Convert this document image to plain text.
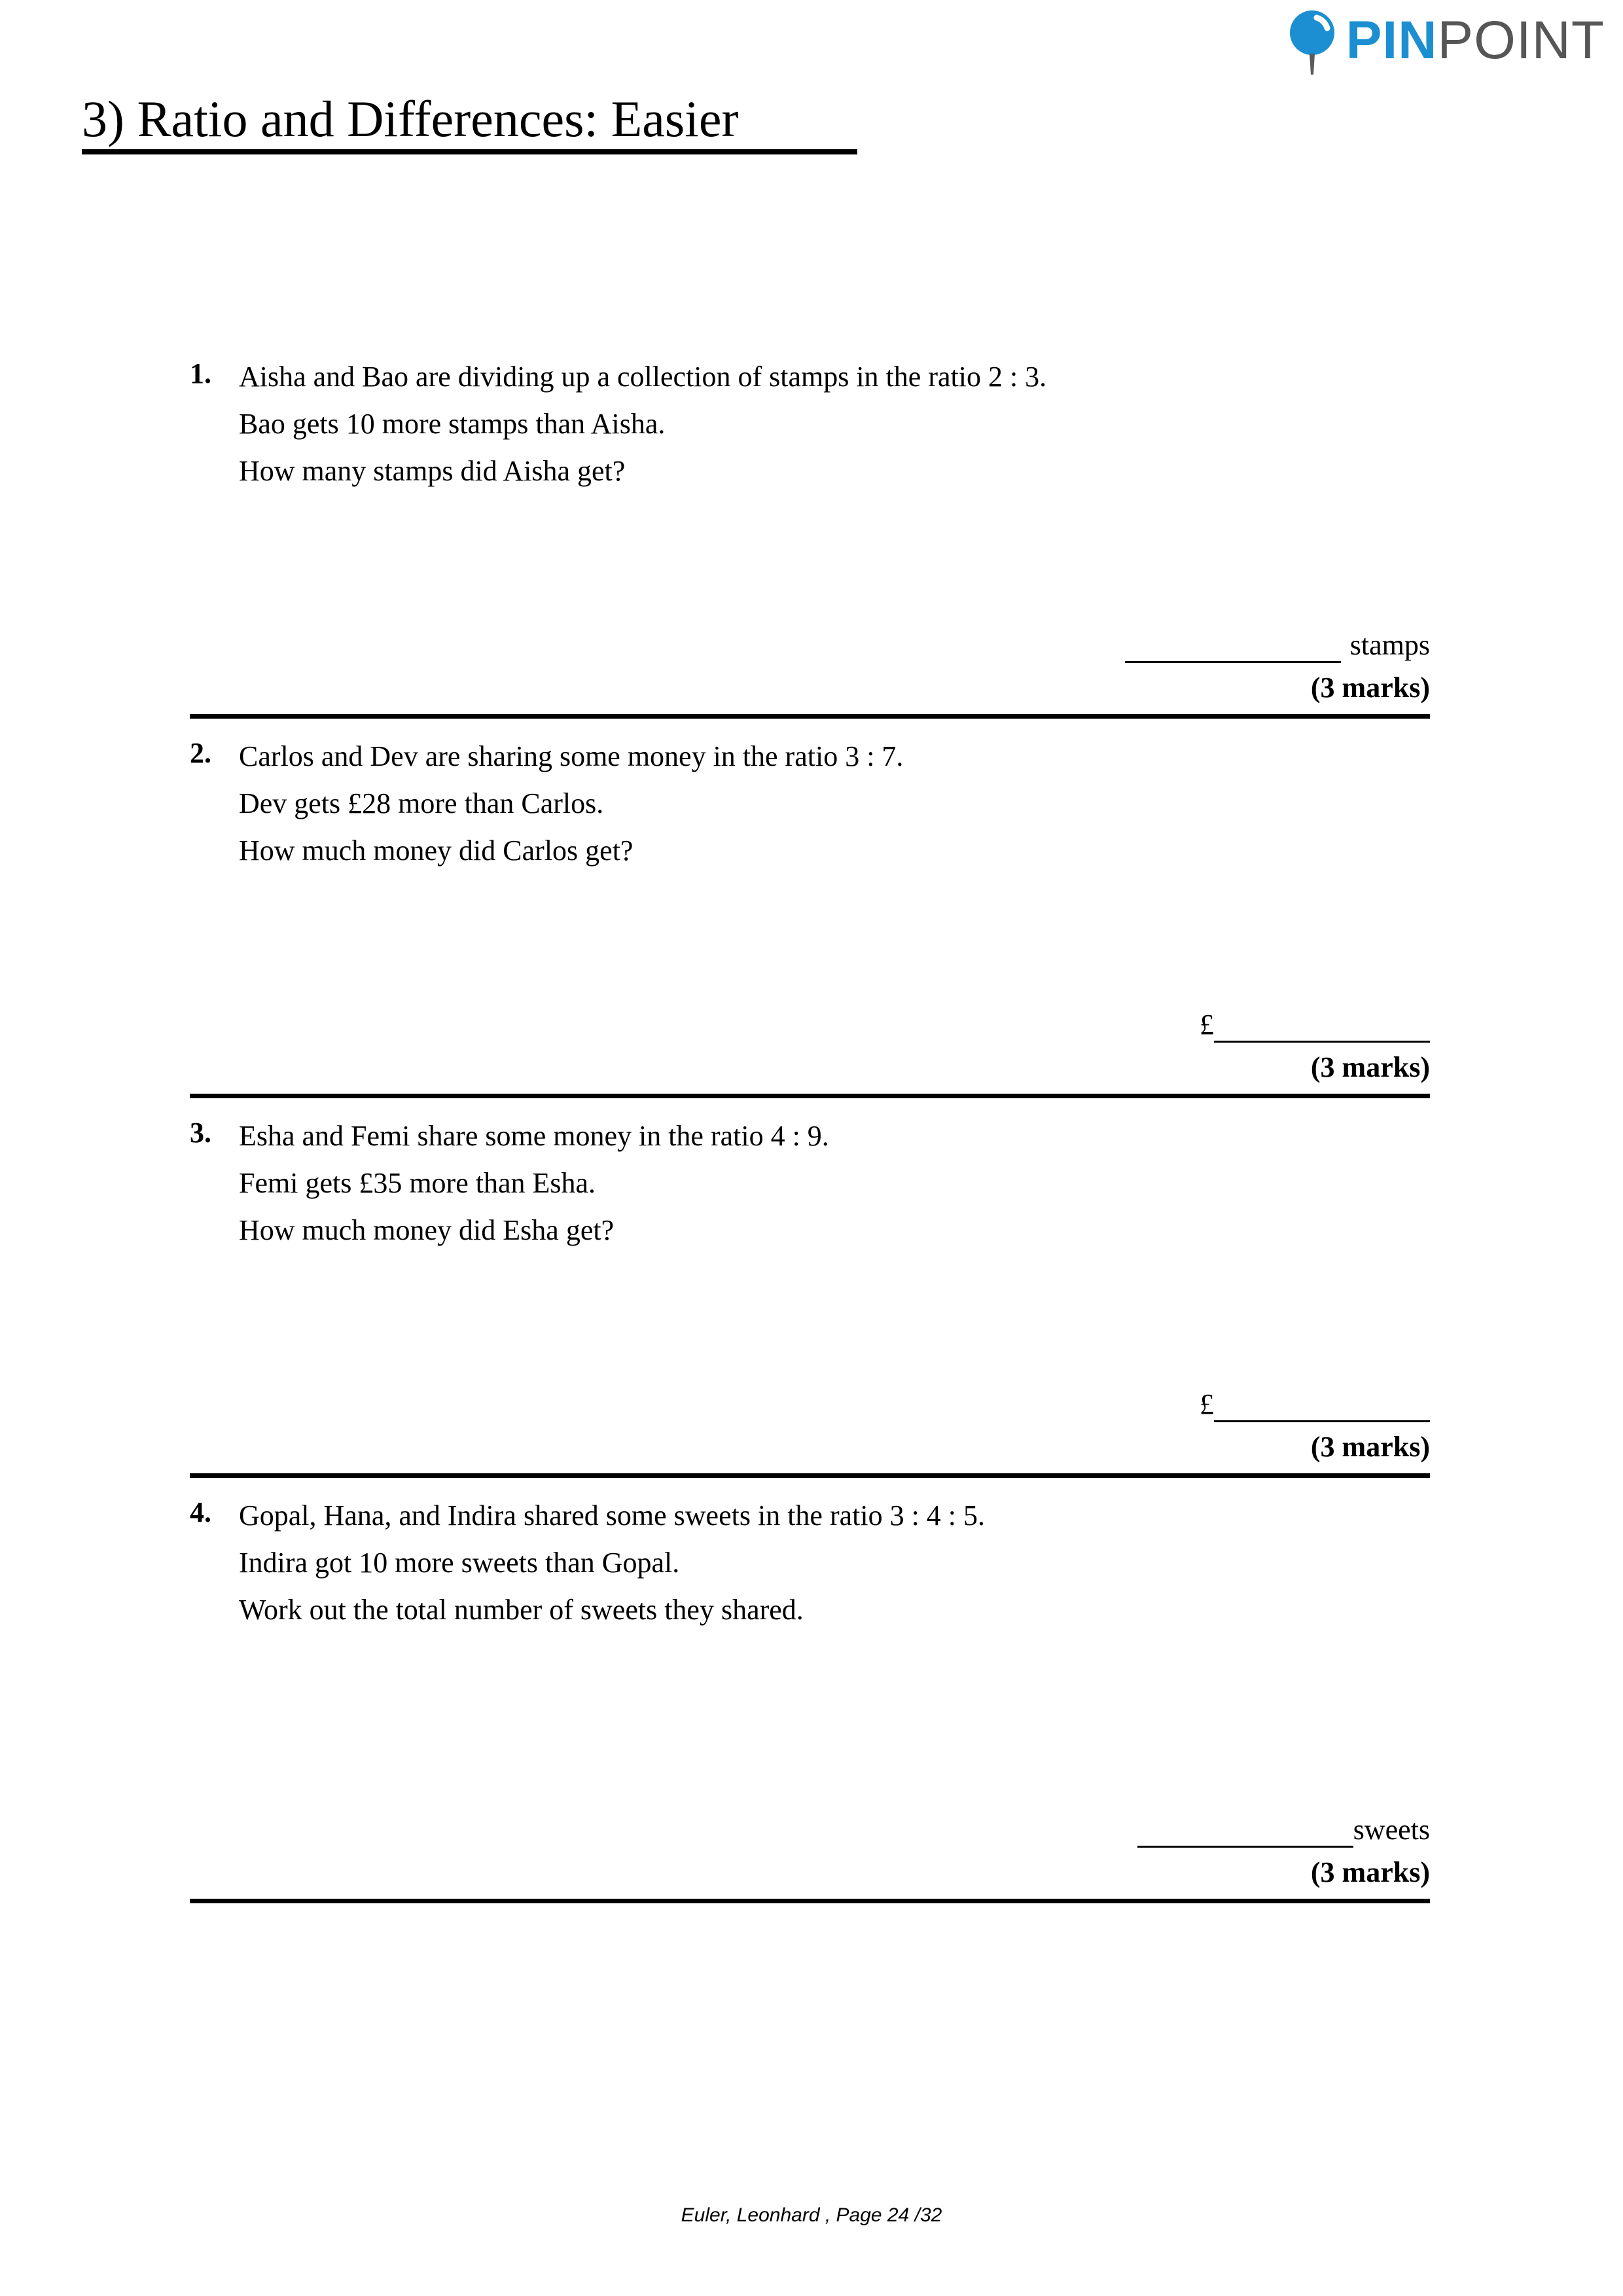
PINPOINT
3) Ratio and Differences: Easier
1. Aisha and Bao are dividing up a collection of stamps in the ratio 2 : 3.
Bao gets 10 more stamps than Aisha.
How many stamps did Aisha get?
stamps
(3 marks)
2. Carlos and Dev are sharing some money in the ratio 3 : 7.
Dev gets £28 more than Carlos.
How much money did Carlos get?
£
(3 marks)
3. Esha and Femi share some money in the ratio 4 : 9.
Femi gets £35 more than Esha.
How much money did Esha get?
£
(3 marks)
4. Gopal, Hana, and Indira shared some sweets in the ratio 3 : 4 : 5.
Indira got 10 more sweets than Gopal.
Work out the total number of sweets they shared.
sweets
(3 marks)
Euler, Leonhard , Page 24 /32
